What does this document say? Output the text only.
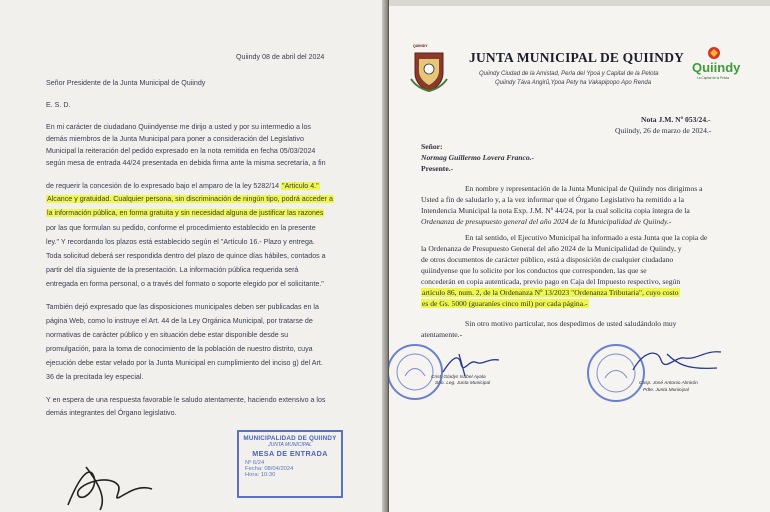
Quiindy 08 de abril del 2024
Señor Presidente de la Junta Municipal de Quiindy
E. S. D.
En mi carácter de ciudadano Quiindyense me dirijo a usted y por su intermedio a los
demás miembros de la Junta Municipal para poner a consideración del Legislativo
Municipal la reiteración del pedido expresado en la nota remitida en fecha 05/03/2024
según mesa de entrada 44/24 presentada en debida firma ante la misma secretaría, a fin
de requerir la concesión de lo expresado bajo el amparo de la ley 5282/14 "Articulo 4."
Alcance y gratuidad. Cualquier persona, sin discriminación de ningún tipo, podrá acceder a
la información pública, en forma gratuita y sin necesidad alguna de justificar las razones
por las que formulan su pedido, conforme el procedimiento establecido en la presente
ley." Y recordando los plazos está establecido según el "Artículo 16.- Plazo y entrega.
Toda solicitud deberá ser respondida dentro del plazo de quince días hábiles, contados a
partir del día siguiente de la presentación. La información pública requerida será
entregada en forma personal, o a través del formato o soporte elegido por el solicitante."
También dejó expresado que las disposiciones municipales deben ser publicadas en la
página Web, como lo instruye el Art. 44 de la Ley Orgánica Municipal, por tratarse de
normativas de carácter público y en situación debe estar disponible desde su
promulgación, para la toma de conocimiento de la población de nuestro distrito, cuya
ejecución debe estar velado por la Junta Municipal en cumplimiento del inciso g) del Art.
36 de la precitada ley especial.
Y en espera de una respuesta favorable le saludo atentamente, haciendo extensivo a los
demás integrantes del Órgano legislativo.
MUNICIPALIDAD DE QUIINDY
JUNTA MUNICIPAL
MESA DE ENTRADA
Nº 6/24
Fecha: 08/04/2024
Hora: 10:30
QUIINDY
JUNTA MUNICIPAL DE QUIINDY
Quiindy Ciudad de la Amistad, Perla del Ypoá y Capital de la Pelota
Quiindy Táva Angirũ,Ypoa Pety ha Vakapipopo Apo Renda
Quiindy
La Capital de la Pelota
Nota J.M. Nº 053/24.-
Quiindy, 26 de marzo de 2024.-
Señor:
Normag Guillermo Lovera Franco.-
Presente.-
En nombre y representación de la Junta Municipal de Quiindy nos dirigimos a
Usted a fin de saludarlo y, a la vez informar que el Órgano Legislativo ha remitido a la
Intendencia Municipal la nota Exp. J.M. Nº 44/24, por la cual solicita copia íntegra de la
Ordenanza de presupuesto general del año 2024 de la Municipalidad de Quiindy.-
En tal sentido, el Ejecutivo Municipal ha informado a esta Junta que la copia de
la Ordenanza de Presupuesto General del año 2024 de la Municipalidad de Quiindy, y
de otros documentos de carácter público, está a disposición de cualquier ciudadano
quiindyense que lo solicite por los conductos que corresponden, las que se
concederán en copia autenticada, previo pago en Caja del Impuesto respectivo, según
artículo 86, num. 2, de la Ordenanza Nº 13/2023 "Ordenanza Tributaria", cuyo costo
es de Gs. 5000 (guaraníes cinco mil) por cada página.-
Sin otro motivo particular, nos despedimos de usted saludándolo muy
atentamente.-
Crist. Gladys Isabel Ayala
Srio. Leg. Junta Municipal	Cosp. José Antonio Almirón
Pdte. Junta Municipal
